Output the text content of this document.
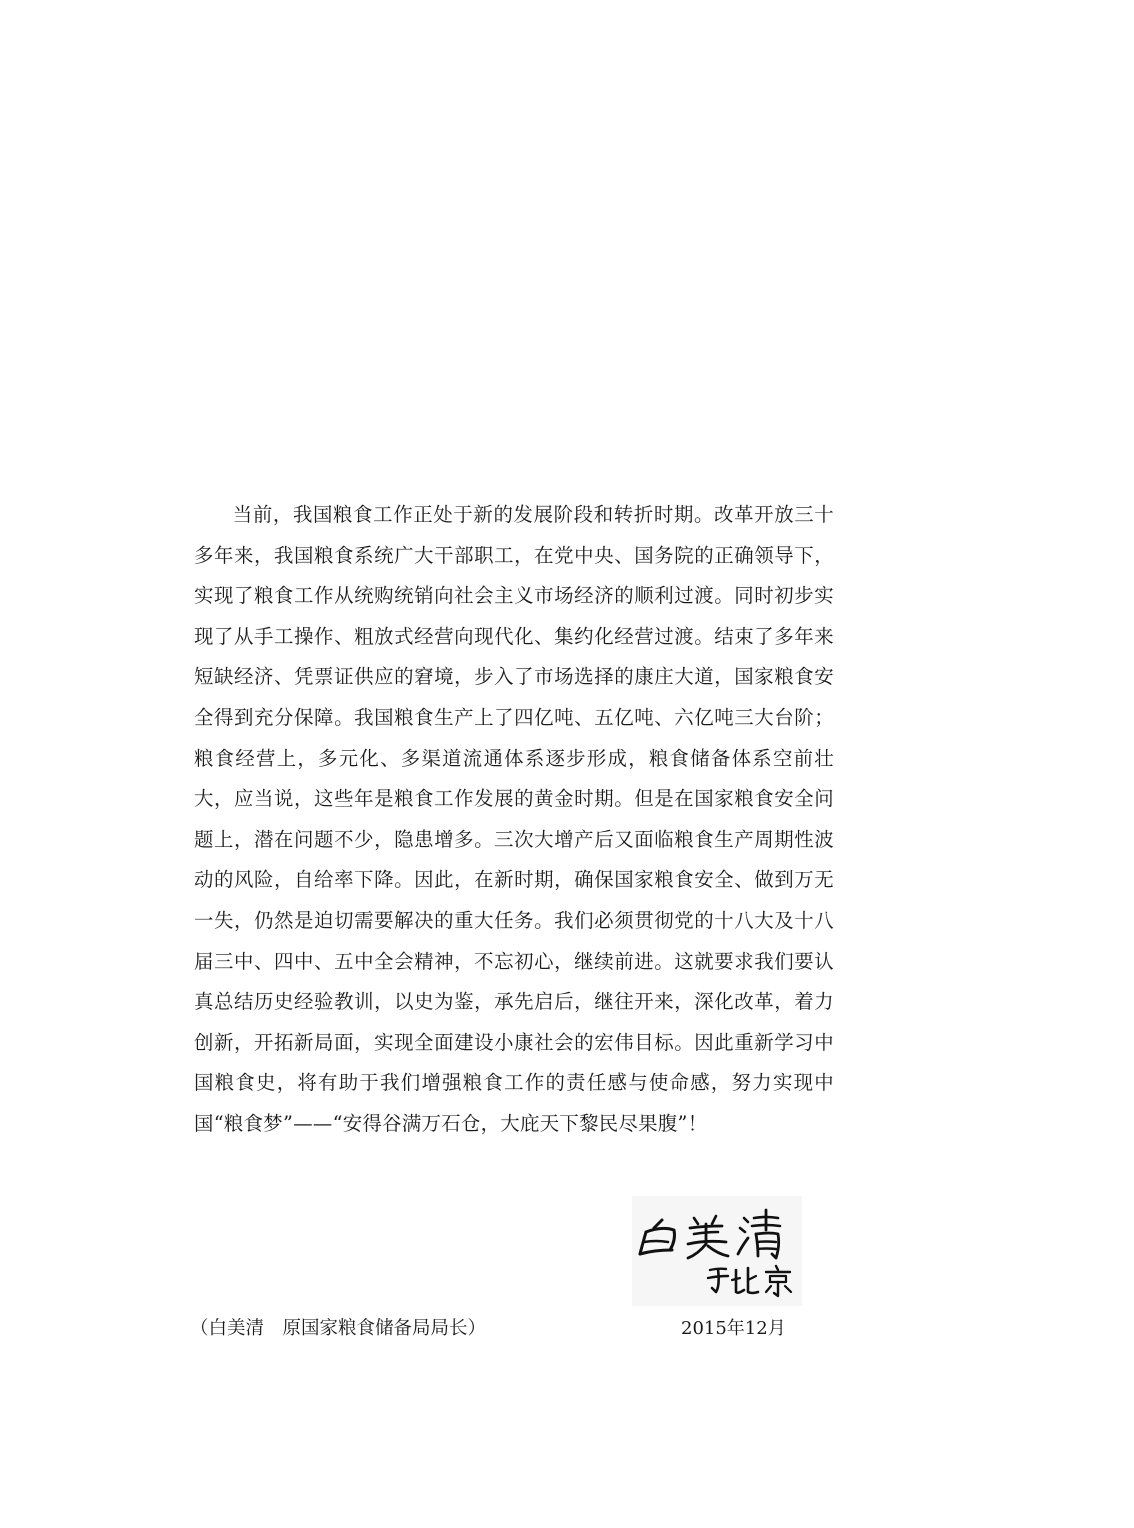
当前，我国粮食工作正处于新的发展阶段和转折时期。改革开放三十多年来，我国粮食系统广大干部职工，在党中央、国务院的正确领导下，实现了粮食工作从统购统销向社会主义市场经济的顺利过渡。同时初步实现了从手工操作、粗放式经营向现代化、集约化经营过渡。结束了多年来短缺经济、凭票证供应的窘境，步入了市场选择的康庄大道，国家粮食安全得到充分保障。我国粮食生产上了四亿吨、五亿吨、六亿吨三大台阶；粮食经营上，多元化、多渠道流通体系逐步形成，粮食储备体系空前壮大，应当说，这些年是粮食工作发展的黄金时期。但是在国家粮食安全问题上，潜在问题不少，隐患增多。三次大增产后又面临粮食生产周期性波动的风险，自给率下降。因此，在新时期，确保国家粮食安全、做到万无一失，仍然是迫切需要解决的重大任务。我们必须贯彻党的十八大及十八届三中、四中、五中全会精神，不忘初心，继续前进。这就要求我们要认真总结历史经验教训，以史为鉴，承先启后，继往开来，深化改革，着力创新，开拓新局面，实现全面建设小康社会的宏伟目标。因此重新学习中国粮食史，将有助于我们增强粮食工作的责任感与使命感，努力实现中国“粮食梦”——“安得谷满万石仓，大庇天下黎民尽果腹”！

（白美清　原国家粮食储备局局长）	2015年12月
